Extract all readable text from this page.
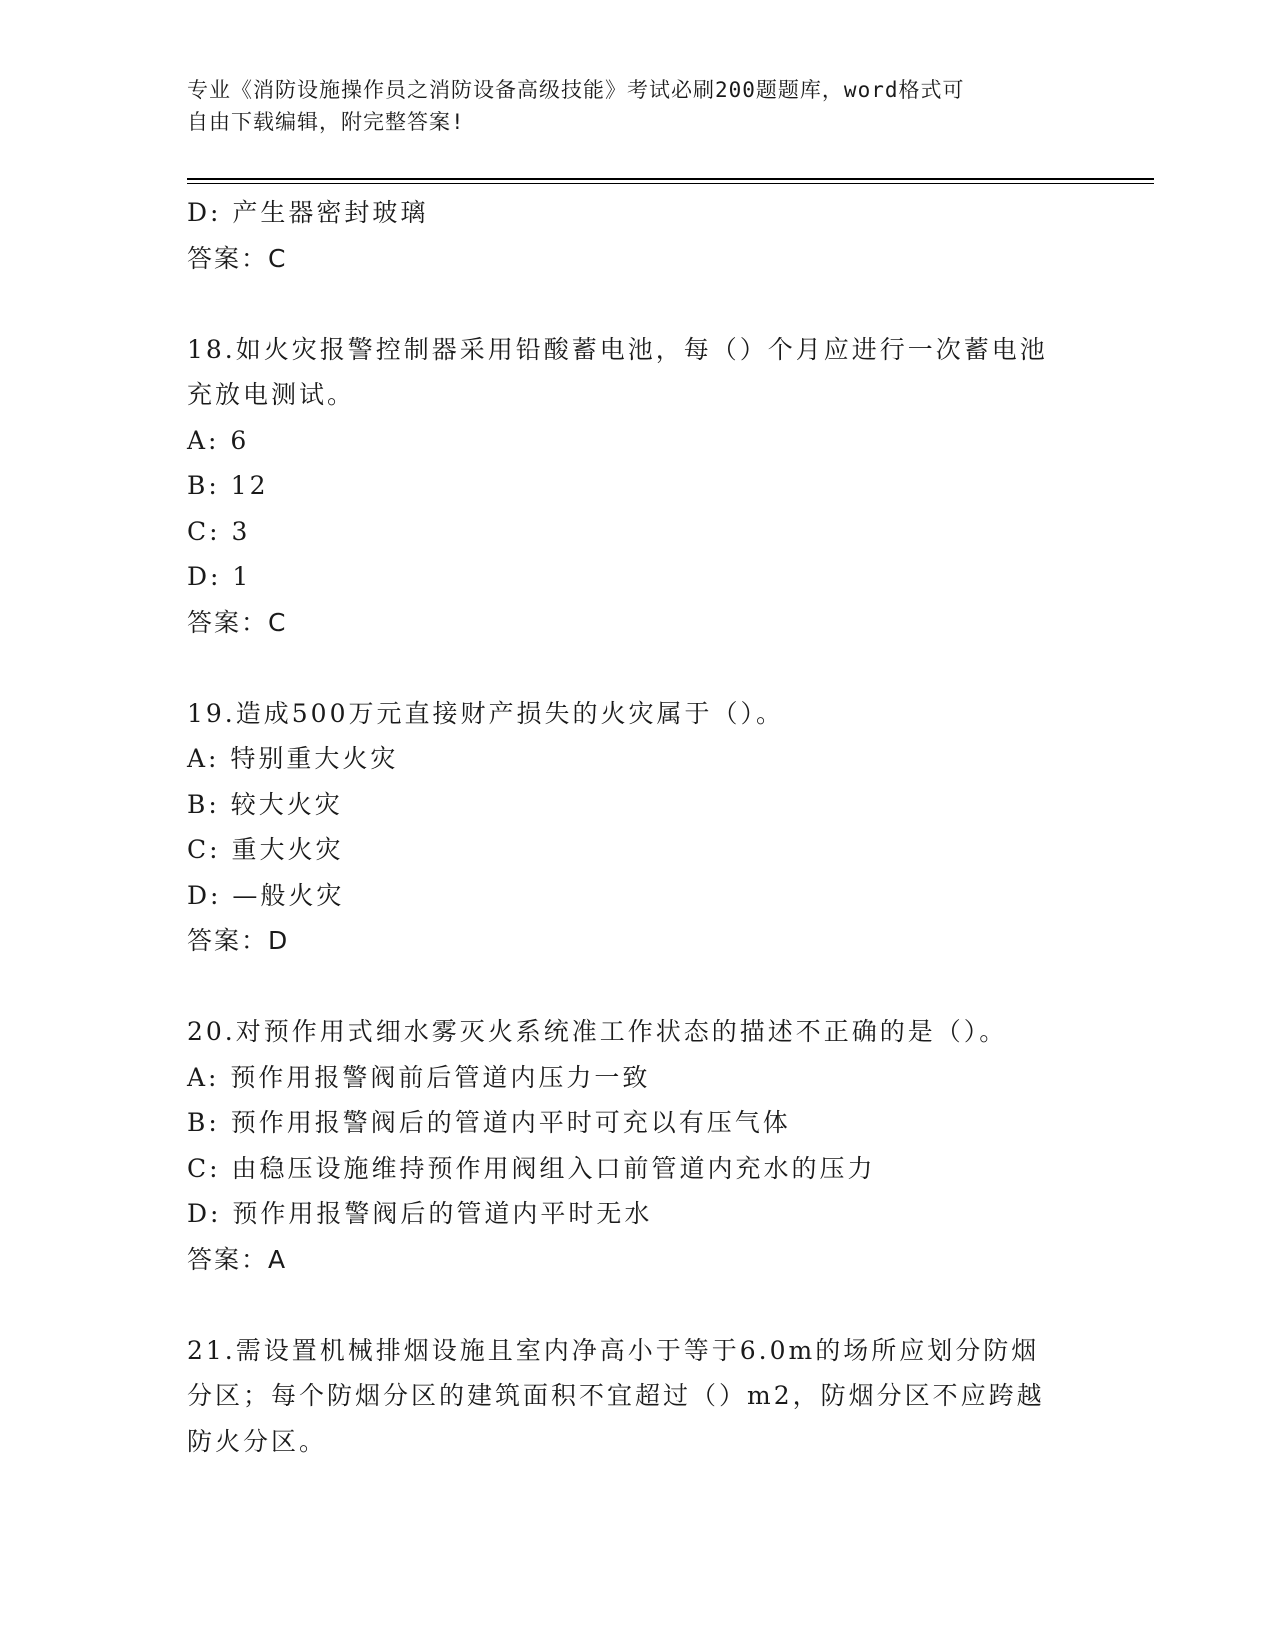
专业《消防设施操作员之消防设备高级技能》考试必刷200题题库，word格式可
自由下载编辑，附完整答案!
D: 产生器密封玻璃
答案：C
18.如火灾报警控制器采用铅酸蓄电池，每（）个月应进行一次蓄电池
充放电测试。
A: 6
B: 12
C: 3
D: 1
答案：C
19.造成500万元直接财产损失的火灾属于（）。
A: 特别重大火灾
B: 较大火灾
C: 重大火灾
D: —般火灾
答案：D
20.对预作用式细水雾灭火系统准工作状态的描述不正确的是（）。
A: 预作用报警阀前后管道内压力一致
B: 预作用报警阀后的管道内平时可充以有压气体
C: 由稳压设施维持预作用阀组入口前管道内充水的压力
D: 预作用报警阀后的管道内平时无水
答案：A
21.需设置机械排烟设施且室内净高小于等于6.0m的场所应划分防烟
分区；每个防烟分区的建筑面积不宜超过（）m2，防烟分区不应跨越
防火分区。
